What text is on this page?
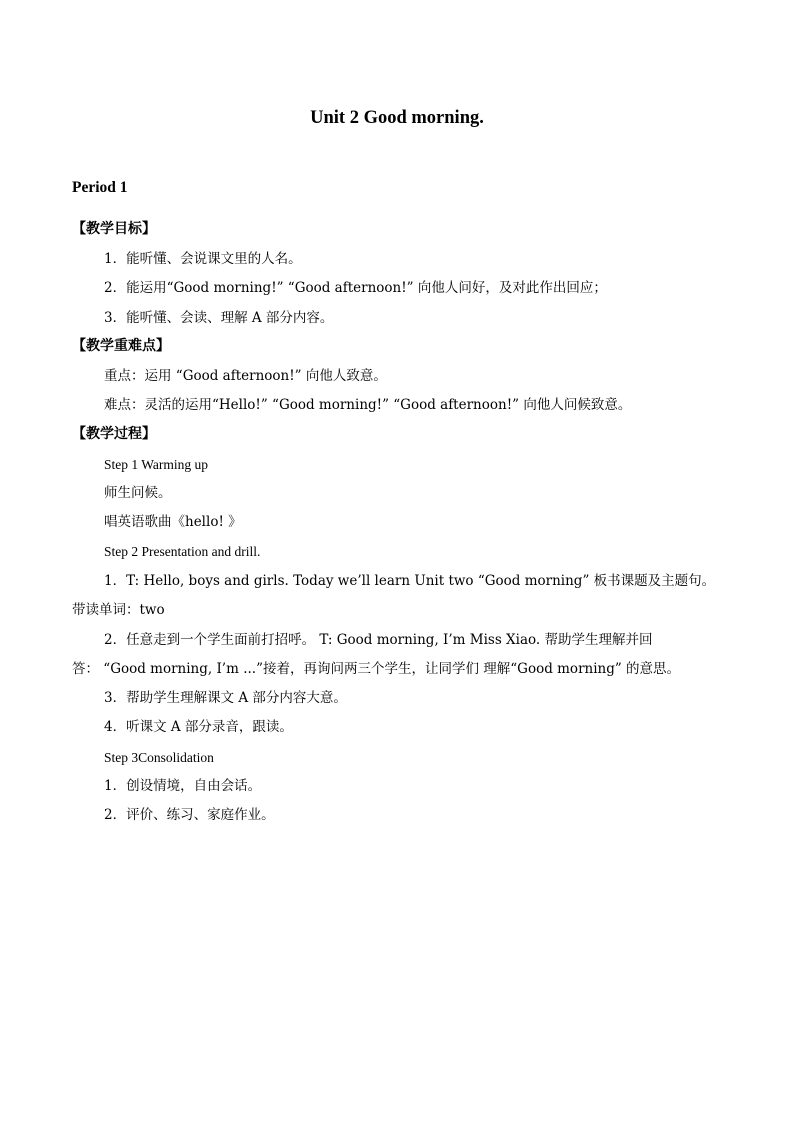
Unit 2 Good morning.
Period 1
【教学目标】
1．能听懂、会说课文里的人名。
2．能运用“Good morning!” “Good afternoon!” 向他人问好，及对此作出回应；
3．能听懂、会读、理解 A 部分内容。
【教学重难点】
重点：运用 “Good afternoon!” 向他人致意。
难点：灵活的运用“Hello!” “Good morning!” “Good afternoon!” 向他人问候致意。
【教学过程】
Step 1 Warming up
师生问候。
唱英语歌曲《hello! 》
Step 2 Presentation and drill.
1．T: Hello, boys and girls. Today we’ll learn Unit two “Good morning” 板书课题及主题句。
带读单词：two
2．任意走到一个学生面前打招呼。 T: Good morning, I’m Miss Xiao. 帮助学生理解并回
答： “Good morning, I’m ...”接着，再询问两三个学生，让同学们 理解“Good morning” 的意思。
3．帮助学生理解课文 A 部分内容大意。
4．听课文 A 部分录音，跟读。
Step 3Consolidation
1．创设情境，自由会话。
2．评价、练习、家庭作业。
